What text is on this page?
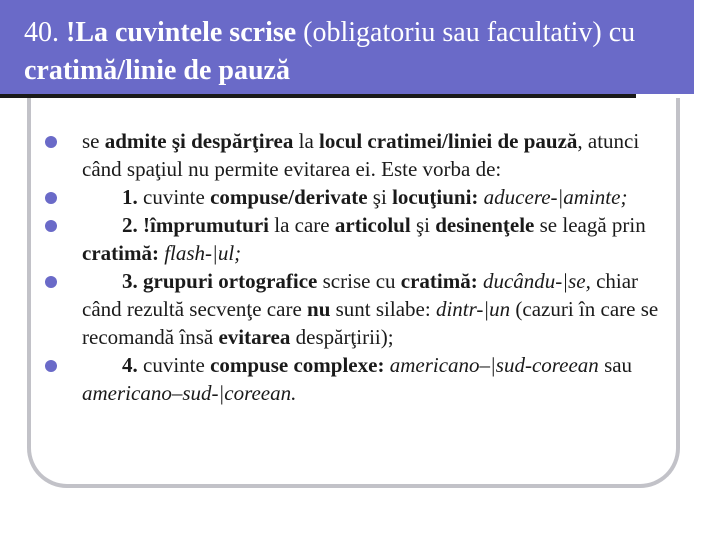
40. !La cuvintele scrise (obligatoriu sau facultativ) cu cratimă/linie de pauză
se admite şi despărţirea la locul cratimei/liniei de pauză, atunci când spaţiul nu permite evitarea ei. Este vorba de:
1. cuvinte compuse/derivate şi locuţiuni: aducere-|aminte;
2. !împrumuturi la care articolul şi desinenţele se leagă prin cratimă: flash-|ul;
3. grupuri ortografice scrise cu cratimă: ducându-|se, chiar când rezultă secvenţe care nu sunt silabe: dintr-|un (cazuri în care se recomandă însă evitarea despărţirii);
4. cuvinte compuse complexe: americano–|sud-coreean sau americano–sud-|coreean.
